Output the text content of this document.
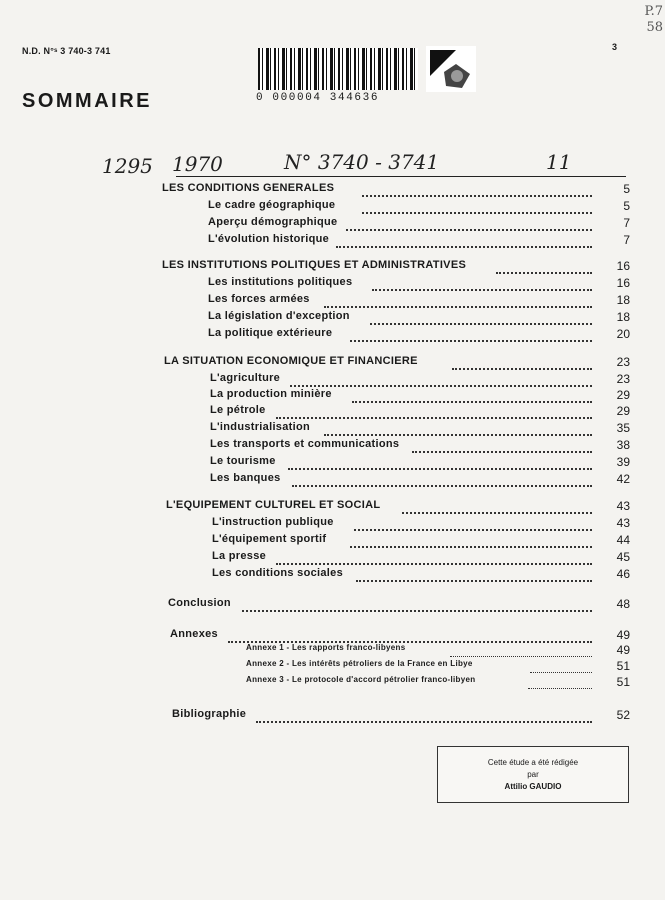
N.D. N°ˢ 3 740-3 741	3
P.7
58
SOMMAIRE	0 000004 344636
1295 1970	N° 3740 - 3741	11
LES CONDITIONS GENERALES	5
Le cadre géographique	5
Aperçu démographique	7
L'évolution historique	7
LES INSTITUTIONS POLITIQUES ET ADMINISTRATIVES	16
Les institutions politiques	16
Les forces armées	18
La législation d'exception	18
La politique extérieure	20
LA SITUATION ECONOMIQUE ET FINANCIERE	23
L'agriculture	23
La production minière	29
Le pétrole	29
L'industrialisation	35
Les transports et communications	38
Le tourisme	39
Les banques	42
L'EQUIPEMENT CULTUREL ET SOCIAL	43
L'instruction publique	43
L'équipement sportif	44
La presse	45
Les conditions sociales	46
Conclusion	48
Annexes	49
Annexe 1 - Les rapports franco-libyens	49
Annexe 2 - Les intérêts pétroliers de la France en Libye	51
Annexe 3 - Le protocole d'accord pétrolier franco-libyen	51
Bibliographie	52
Cette étude a été rédigée
par
Attilio GAUDIO
